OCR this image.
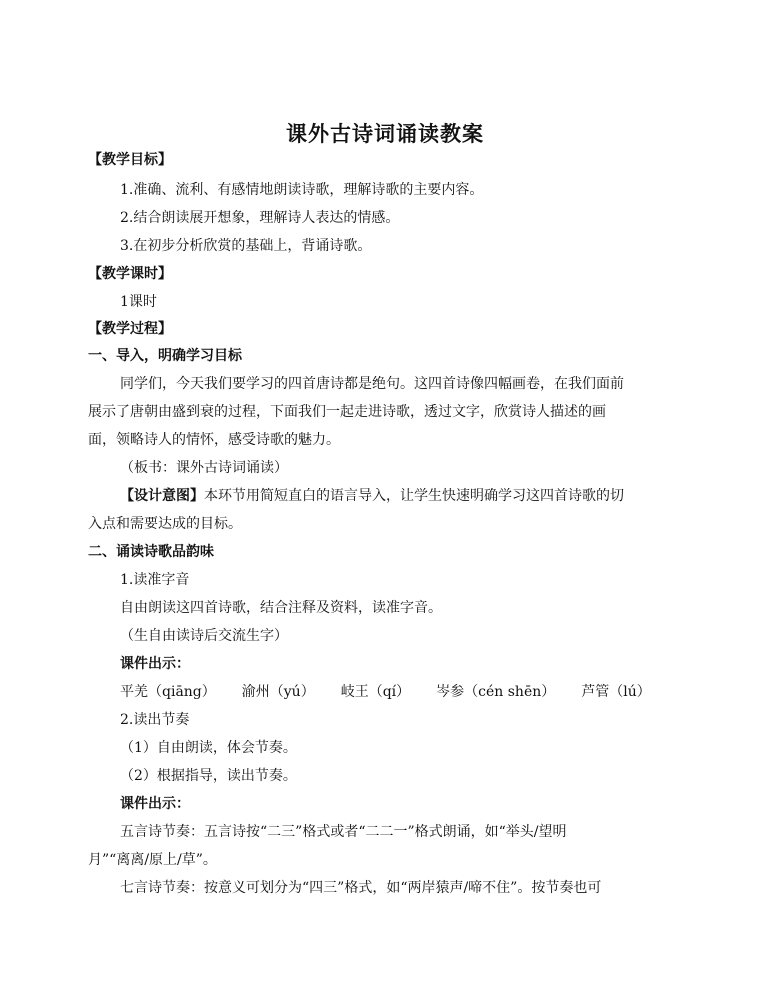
课外古诗词诵读教案
【教学目标】
1.准确、流利、有感情地朗读诗歌，理解诗歌的主要内容。
2.结合朗读展开想象，理解诗人表达的情感。
3.在初步分析欣赏的基础上，背诵诗歌。
【教学课时】
1课时
【教学过程】
一、导入，明确学习目标
同学们，今天我们要学习的四首唐诗都是绝句。这四首诗像四幅画卷，在我们面前
展示了唐朝由盛到衰的过程，下面我们一起走进诗歌，透过文字，欣赏诗人描述的画
面，领略诗人的情怀，感受诗歌的魅力。
（板书：课外古诗词诵读）
【设计意图】本环节用简短直白的语言导入，让学生快速明确学习这四首诗歌的切
入点和需要达成的目标。
二、诵读诗歌品韵味
1.读准字音
自由朗读这四首诗歌，结合注释及资料，读准字音。
（生自由读诗后交流生字）
课件出示：
平羌（qiāng） 渝州（yú） 岐王（qí） 岑参（cén shēn） 芦管（lú）
2.读出节奏
（1）自由朗读，体会节奏。
（2）根据指导，读出节奏。
课件出示：
五言诗节奏：五言诗按“二三”格式或者“二二一”格式朗诵，如“举头/望明
月”“离离/原上/草”。
七言诗节奏：按意义可划分为“四三”格式，如“两岸猿声/啼不住”。按节奏也可
